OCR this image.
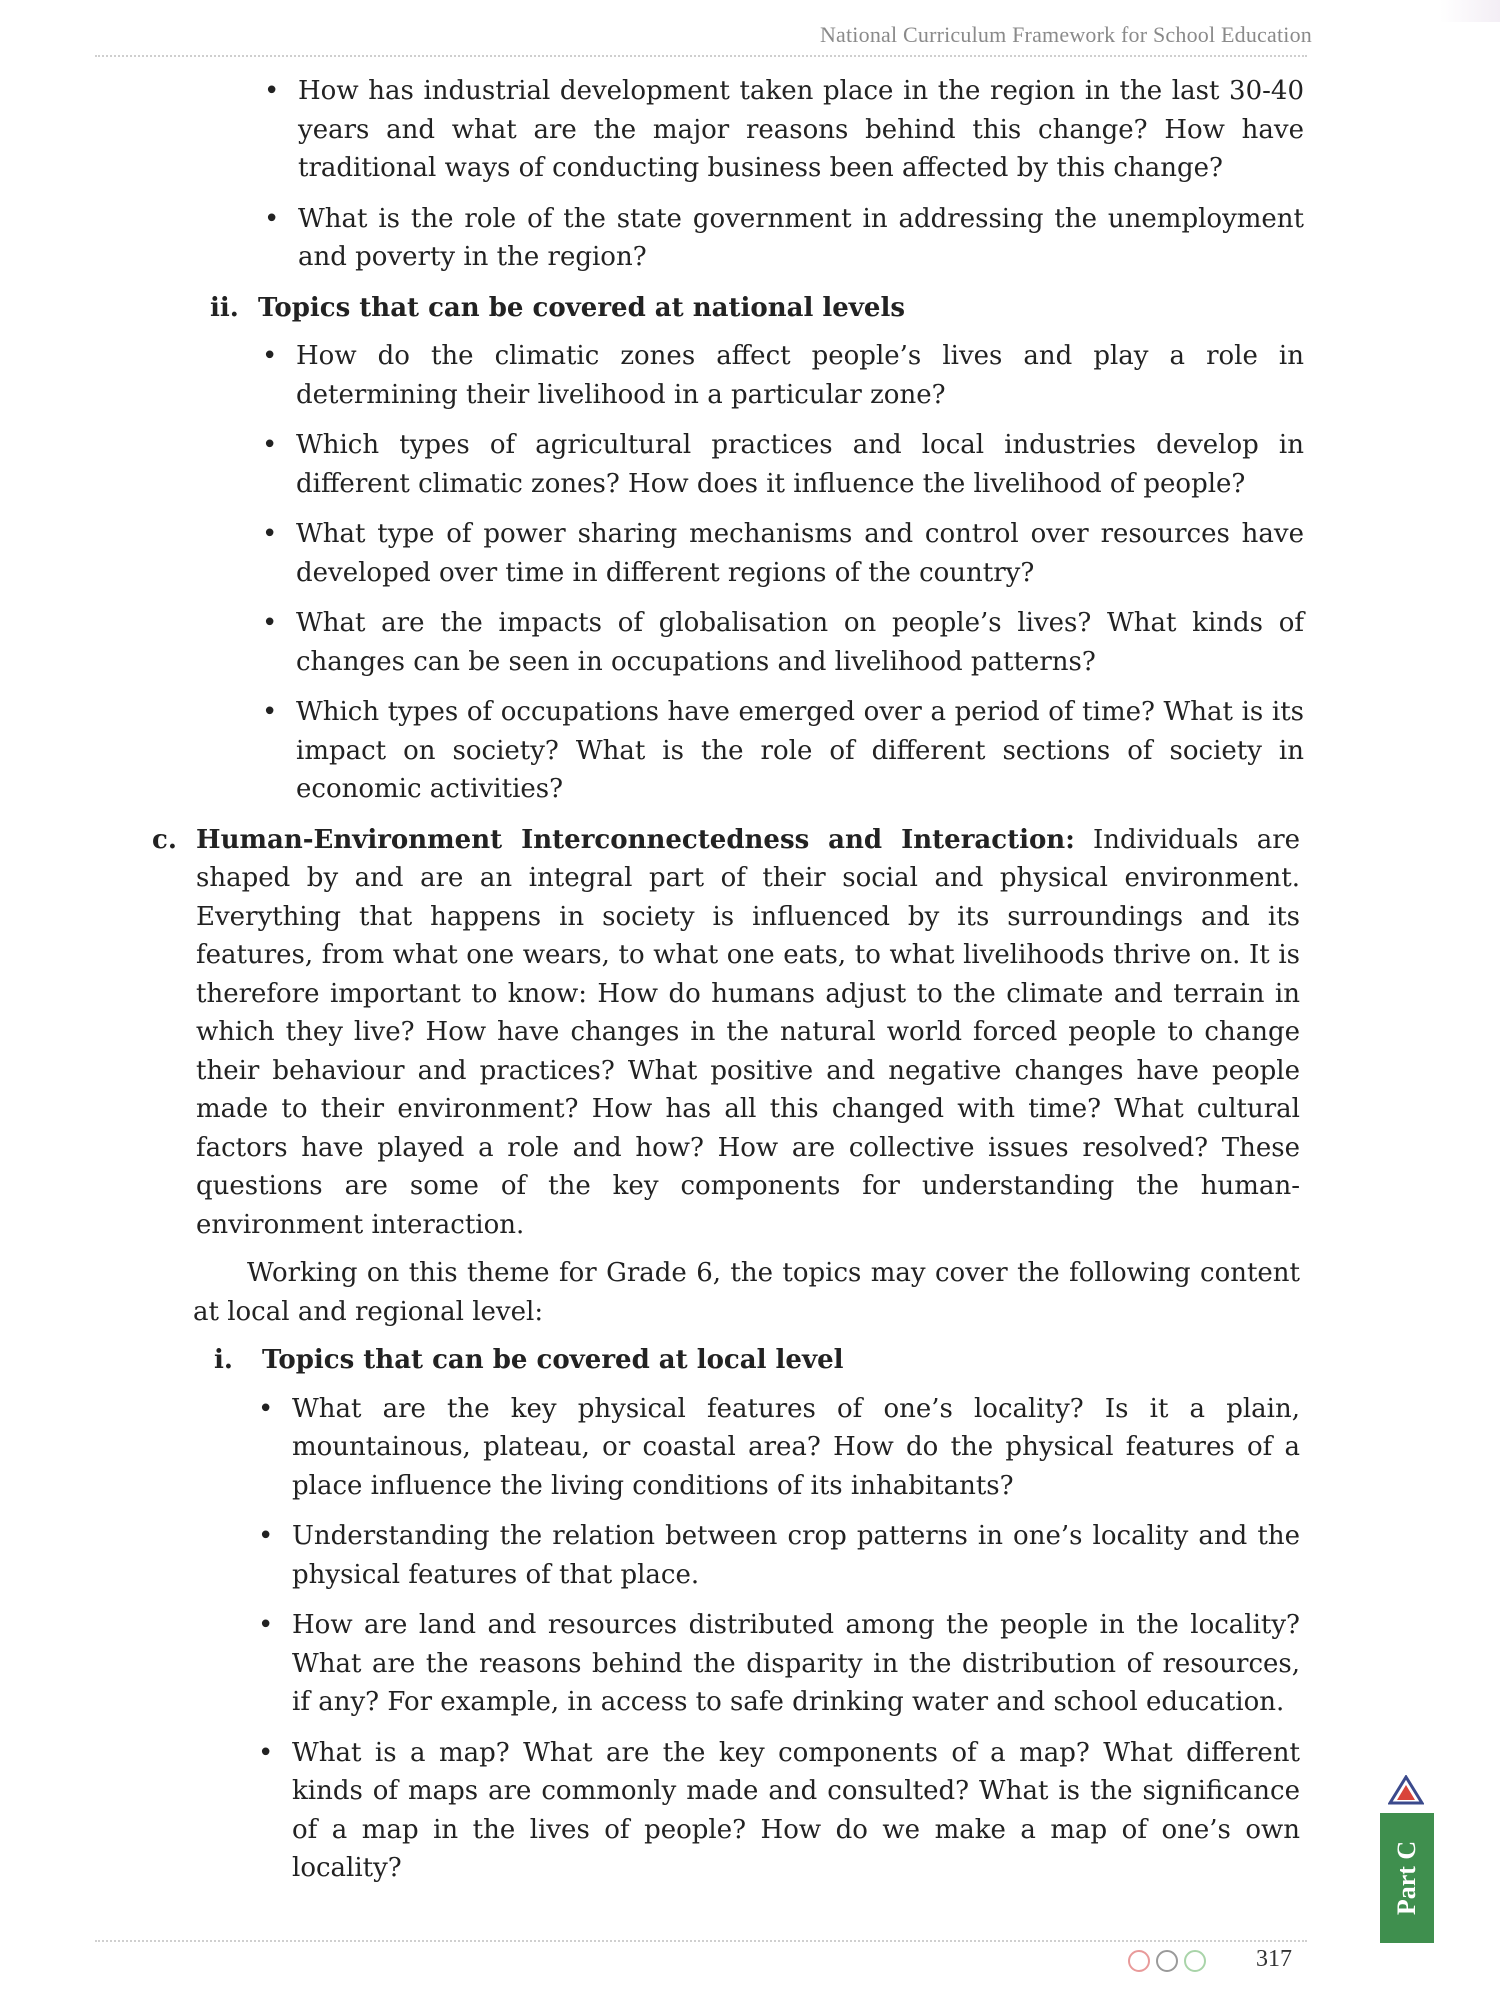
National Curriculum Framework for School Education
• How has industrial development taken place in the region in the last 30-40 years and what are the major reasons behind this change? How have traditional ways of conducting business been affected by this change?
• What is the role of the state government in addressing the unemployment and poverty in the region?
ii. Topics that can be covered at national levels
• How do the climatic zones affect people’s lives and play a role in determining their livelihood in a particular zone?
• Which types of agricultural practices and local industries develop in different climatic zones? How does it influence the livelihood of people?
• What type of power sharing mechanisms and control over resources have developed over time in different regions of the country?
• What are the impacts of globalisation on people’s lives? What kinds of changes can be seen in occupations and livelihood patterns?
• Which types of occupations have emerged over a period of time? What is its impact on society? What is the role of different sections of society in economic activities?
c. Human-Environment Interconnectedness and Interaction: Individuals are shaped by and are an integral part of their social and physical environment. Everything that happens in society is influenced by its surroundings and its features, from what one wears, to what one eats, to what livelihoods thrive on. It is therefore important to know: How do humans adjust to the climate and terrain in which they live? How have changes in the natural world forced people to change their behaviour and practices? What positive and negative changes have people made to their environment? How has all this changed with time? What cultural factors have played a role and how? How are collective issues resolved? These questions are some of the key components for understanding the human-environment interaction.
Working on this theme for Grade 6, the topics may cover the following content at local and regional level:
i. Topics that can be covered at local level
• What are the key physical features of one’s locality? Is it a plain, mountainous, plateau, or coastal area? How do the physical features of a place influence the living conditions of its inhabitants?
• Understanding the relation between crop patterns in one’s locality and the physical features of that place.
• How are land and resources distributed among the people in the locality? What are the reasons behind the disparity in the distribution of resources, if any? For example, in access to safe drinking water and school education.
• What is a map? What are the key components of a map? What different kinds of maps are commonly made and consulted? What is the significance of a map in the lives of people? How do we make a map of one’s own locality?	Part C
317
